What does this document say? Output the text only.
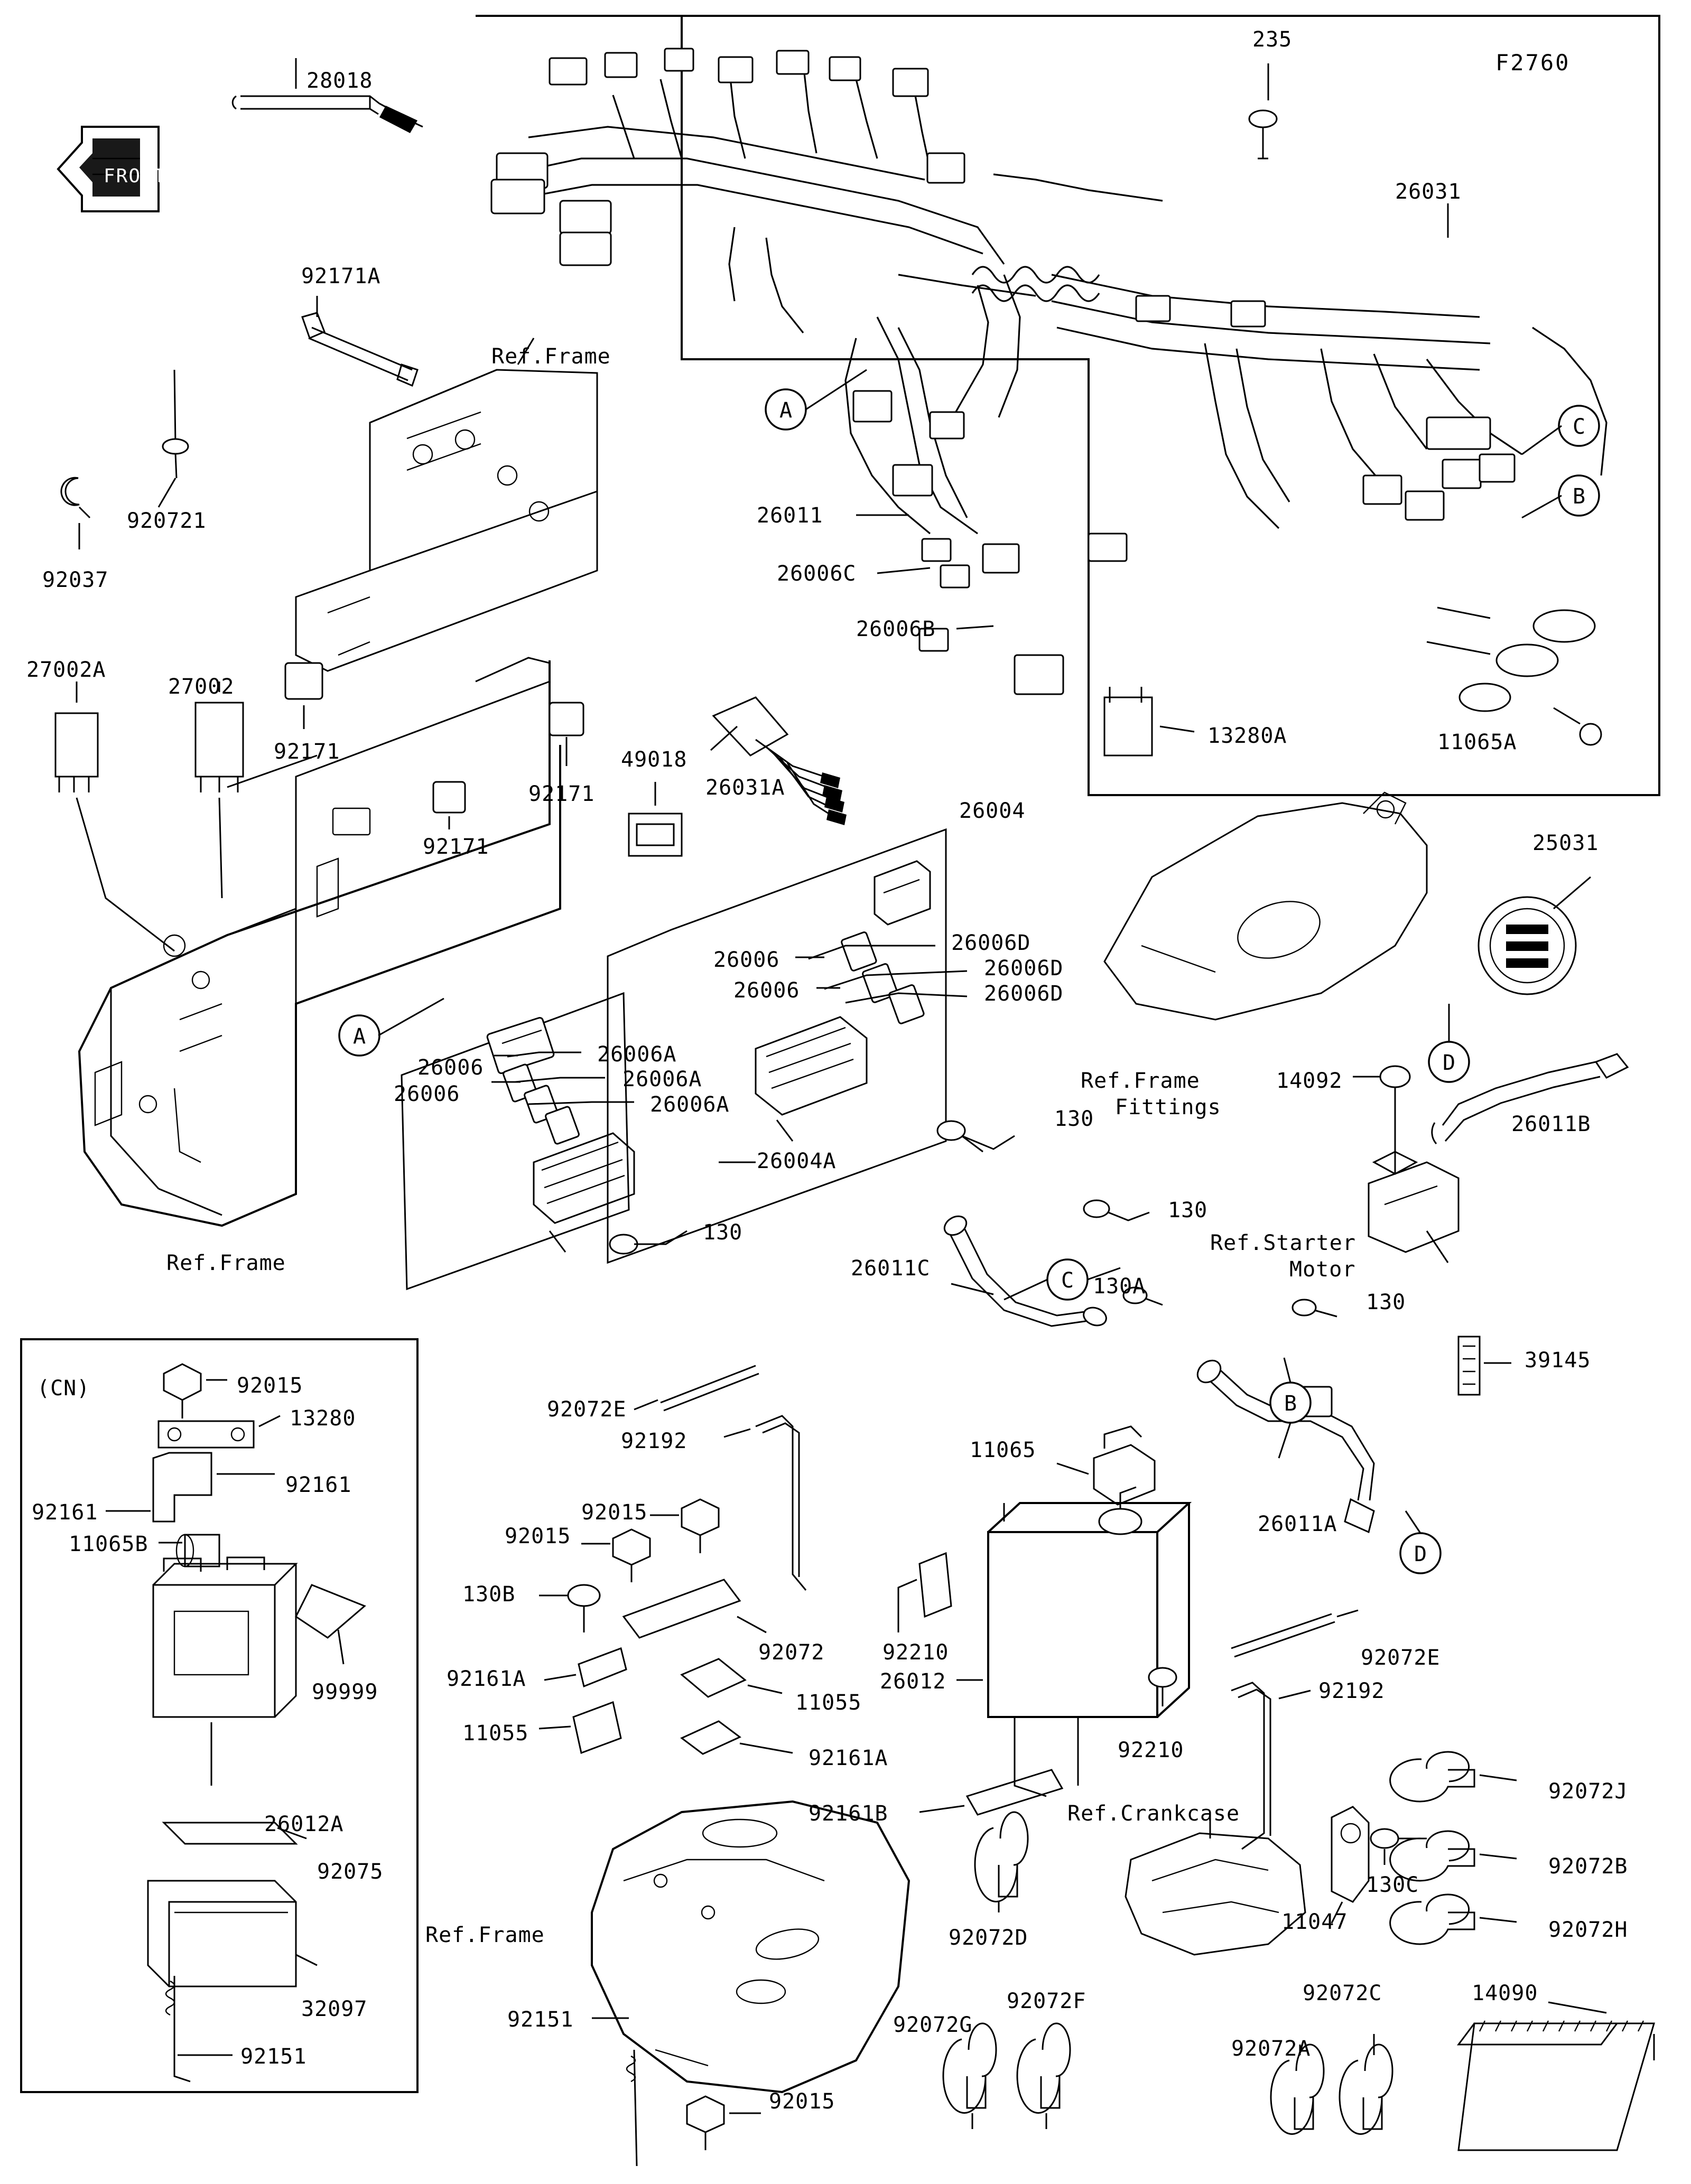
FRONT
A
C
B
A
D
C
B
D
28018
235
F2760
26031
92171A
Ref.Frame
920721
92037
26011
26006C
26006B
13280A	11065A
27002A
27002
92171
92171
92171
49018
26031A
26004
25031
26006
26006D
26006D
26006	26006D
Ref.Frame
Fittings
14092
26011B
26006A
26006A
26006
26006	26006A
130
26004A
130
130
Ref.Starter
Motor
Ref.Frame	26011C
130A
130
39145
92015
13280
92161
92161
11065B
99999
26012A
92075
32097
92151
92072E
92192	11065
26011A
92015
92015
130B
92072	92210
26012
92161A
11055
11055
92161A	92210
92072E
92192
92161B
92072J
Ref.Crankcase
92072B
130C
11047	92072H
Ref.Frame	92072D
14090
92072C
92151	92072G
92072F
92072A
92015
(CN)
